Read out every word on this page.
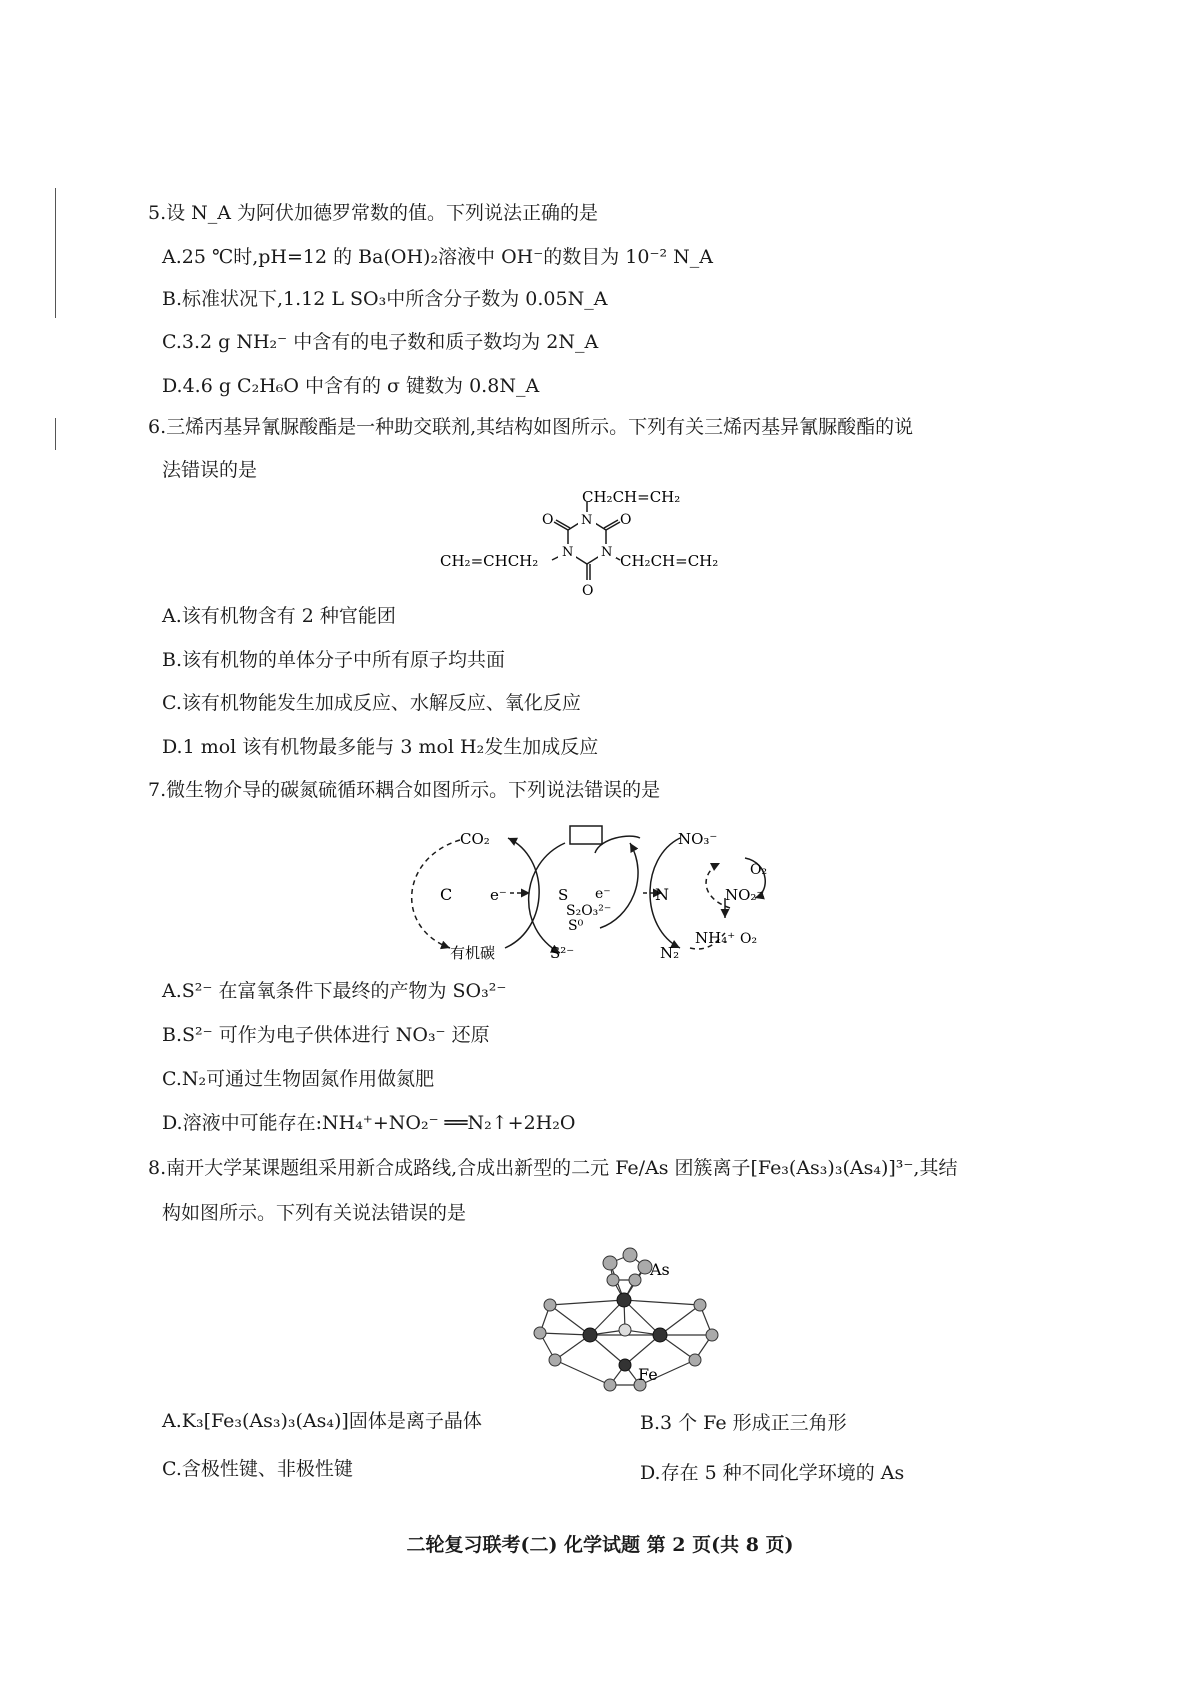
5.设 N_A 为阿伏加德罗常数的值。下列说法正确的是
A.25 ℃时,pH=12 的 Ba(OH)₂溶液中 OH⁻的数目为 10⁻² N_A
B.标准状况下,1.12 L SO₃中所含分子数为 0.05N_A
C.3.2 g NH₂⁻ 中含有的电子数和质子数均为 2N_A
D.4.6 g C₂H₆O 中含有的 σ 键数为 0.8N_A
6.三烯丙基异氰脲酸酯是一种助交联剂,其结构如图所示。下列有关三烯丙基异氰脲酸酯的说
法错误的是
N
N N
O	O
O
CH₂CH=CH₂
CH₂=CHCH₂	CH₂CH=CH₂
A.该有机物含有 2 种官能团
B.该有机物的单体分子中所有原子均共面
C.该有机物能发生加成反应、水解反应、氧化反应
D.1 mol 该有机物最多能与 3 mol H₂发生加成反应
7.微生物介导的碳氮硫循环耦合如图所示。下列说法错误的是
CO₂
C	e⁻
有机碳
S e⁻
S₂O₃²⁻
S⁰
S²⁻
N
NO₃⁻
O₂
NO₂⁻
NH₄⁺ O₂
N₂
A.S²⁻ 在富氧条件下最终的产物为 SO₃²⁻
B.S²⁻ 可作为电子供体进行 NO₃⁻ 还原
C.N₂可通过生物固氮作用做氮肥
D.溶液中可能存在:NH₄⁺+NO₂⁻ ══N₂↑+2H₂O
8.南开大学某课题组采用新合成路线,合成出新型的二元 Fe/As 团簇离子[Fe₃(As₃)₃(As₄)]³⁻,其结
构如图所示。下列有关说法错误的是
As
Fe
A.K₃[Fe₃(As₃)₃(As₄)]固体是离子晶体	B.3 个 Fe 形成正三角形
C.含极性键、非极性键	D.存在 5 种不同化学环境的 As
二轮复习联考(二) 化学试题 第 2 页(共 8 页)
